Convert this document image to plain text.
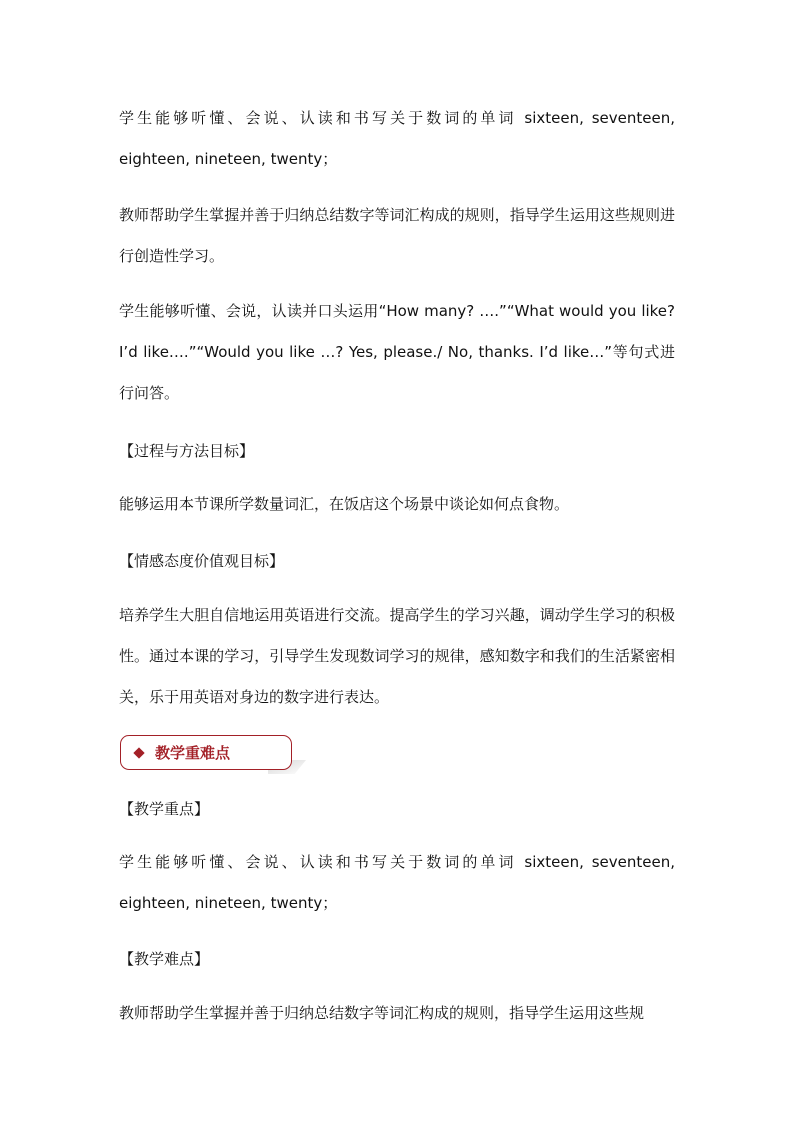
学生能够听懂、会说、认读和书写关于数词的单词 sixteen, seventeen, eighteen, nineteen, twenty；

教师帮助学生掌握并善于归纳总结数字等词汇构成的规则，指导学生运用这些规则进行创造性学习。

学生能够听懂、会说，认读并口头运用“How many? ….”“What would you like?　I’d like….”“Would you like …? Yes, please./ No, thanks. I’d like…”等句式进行问答。

【过程与方法目标】

能够运用本节课所学数量词汇，在饭店这个场景中谈论如何点食物。

【情感态度价值观目标】

培养学生大胆自信地运用英语进行交流。提高学生的学习兴趣，调动学生学习的积极性。通过本课的学习，引导学生发现数词学习的规律，感知数字和我们的生活紧密相关，乐于用英语对身边的数字进行表达。

教学重难点

【教学重点】

学生能够听懂、会说、认读和书写关于数词的单词 sixteen, seventeen, eighteen, nineteen, twenty；

【教学难点】

教师帮助学生掌握并善于归纳总结数字等词汇构成的规则，指导学生运用这些规
